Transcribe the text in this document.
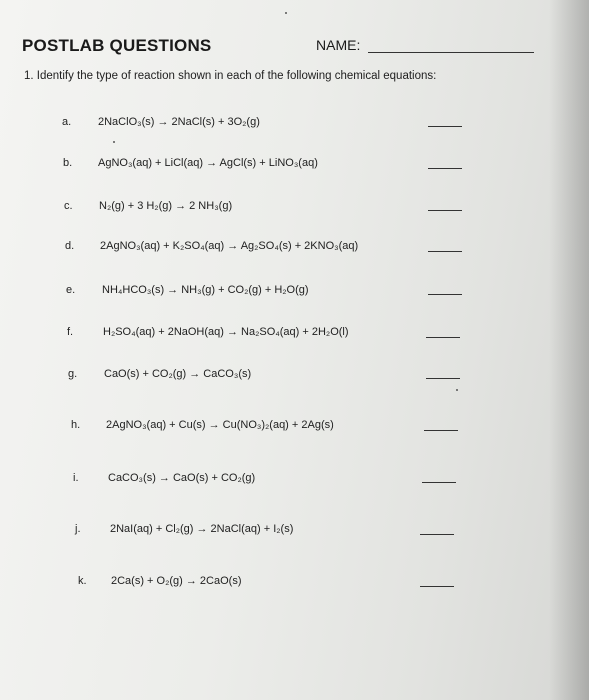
POSTLAB QUESTIONS	NAME:
1. Identify the type of reaction shown in each of the following chemical equations:
a. 2NaClO₃(s) → 2NaCl(s) + 3O₂(g)
b. AgNO₃(aq) + LiCl(aq) → AgCl(s) + LiNO₃(aq)
c. N₂(g) + 3 H₂(g) → 2 NH₃(g)
d. 2AgNO₃(aq) + K₂SO₄(aq) → Ag₂SO₄(s) + 2KNO₃(aq)
e. NH₄HCO₃(s) → NH₃(g) + CO₂(g) + H₂O(g)
f.	H₂SO₄(aq) + 2NaOH(aq) → Na₂SO₄(aq) + 2H₂O(l)
g. CaO(s) + CO₂(g) → CaCO₃(s)
h. 2AgNO₃(aq) + Cu(s) → Cu(NO₃)₂(aq) + 2Ag(s)
i.	CaCO₃(s) → CaO(s) + CO₂(g)
j.	2NaI(aq) + Cl₂(g) → 2NaCl(aq) + I₂(s)
k. 2Ca(s) + O₂(g) → 2CaO(s)
